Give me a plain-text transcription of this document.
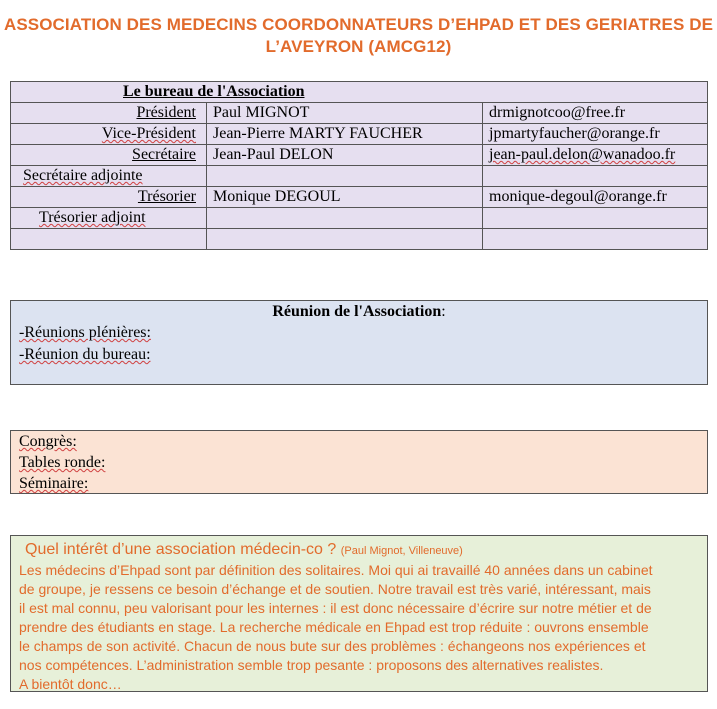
ASSOCIATION DES MEDECINS COORDONNATEURS D’EHPAD ET DES GERIATRES DE
L’AVEYRON (AMCG12)
Le bureau de l'Association		
Président	Paul MIGNOT	drmignotcoo@free.fr
Vice-Président	Jean-Pierre MARTY FAUCHER	jpmartyfaucher@orange.fr
Secrétaire	Jean-Paul DELON	jean-paul.delon@wanadoo.fr
Secrétaire adjointe		
Trésorier	Monique DEGOUL	monique-degoul@orange.fr
Trésorier adjoint		

Réunion de l'Association:
-Réunions plénières:
-Réunion du bureau:
Congrès:
Tables ronde:
Séminaire:
Quel intérêt d’une association médecin-co ? (Paul Mignot, Villeneuve)
Les médecins d’Ehpad sont par définition des solitaires. Moi qui ai travaillé 40 années dans un cabinet
de groupe, je ressens ce besoin d’échange et de soutien. Notre travail est très varié, intéressant, mais
il est mal connu, peu valorisant pour les internes : il est donc nécessaire d’écrire sur notre métier et de
prendre des étudiants en stage. La recherche médicale en Ehpad est trop réduite : ouvrons ensemble
le champs de son activité. Chacun de nous bute sur des problèmes : échangeons nos expériences et
nos compétences. L’administration semble trop pesante : proposons des alternatives realistes.
A bientôt donc…
